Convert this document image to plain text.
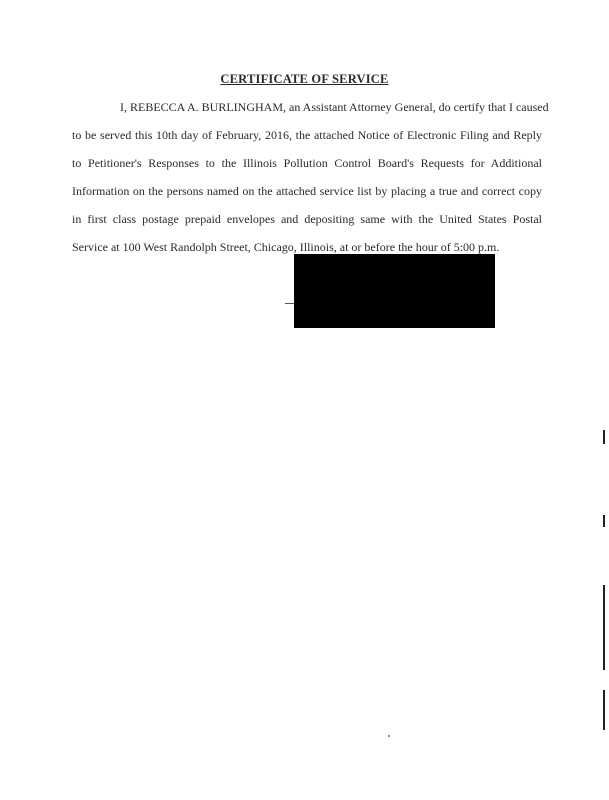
CERTIFICATE OF SERVICE
I, REBECCA A. BURLINGHAM, an Assistant Attorney General, do certify that I caused
to be served this 10th day of February, 2016, the attached Notice of Electronic Filing and Reply
to Petitioner's Responses to the Illinois Pollution Control Board's Requests for Additional
Information on the persons named on the attached service list by placing a true and correct copy
in first class postage prepaid envelopes and depositing same with the United States Postal
Service at 100 West Randolph Street, Chicago, Illinois, at or before the hour of 5:00 p.m.
